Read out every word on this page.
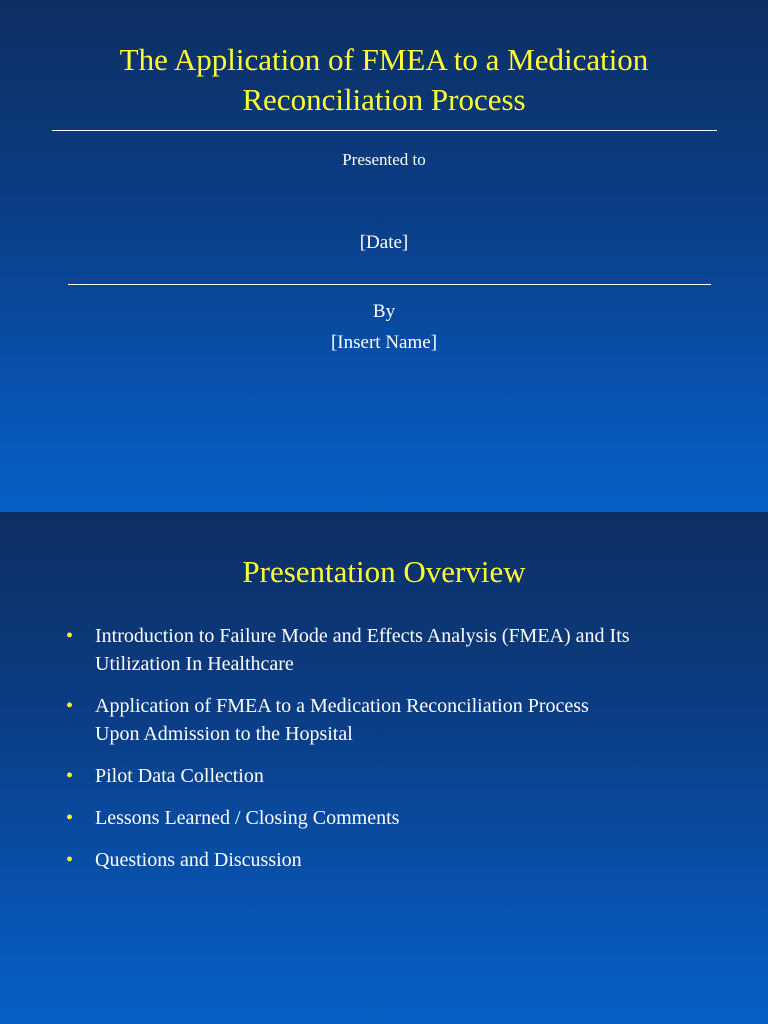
The Application of FMEA to a Medication
Reconciliation Process
Presented to
[Date]
By
[Insert Name]
Presentation Overview
• Introduction to Failure Mode and Effects Analysis (FMEA) and Its
Utilization In Healthcare
• Application of FMEA to a Medication Reconciliation Process
Upon Admission to the Hopsital
• Pilot Data Collection
• Lessons Learned / Closing Comments
• Questions and Discussion
